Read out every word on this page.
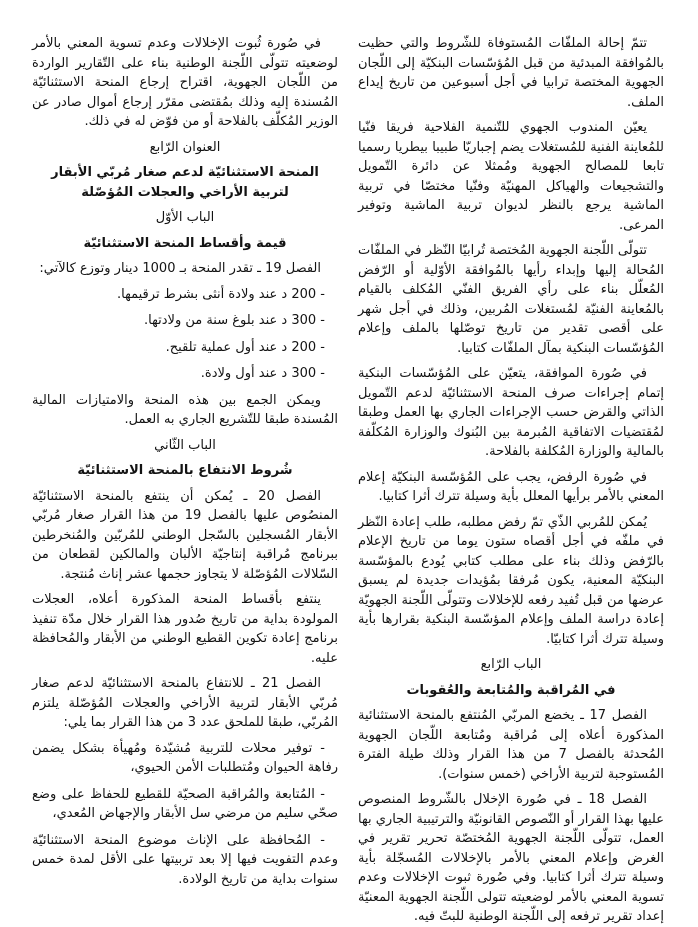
تتمّ إحالة الملفّات المُستوفاة للشّروط والتي حظيت بالمُوافقة المبدئية من قبل المُؤسّسات البنكيّة إلى اللّجان الجهوية المختصة ترابيا في أجل أسبوعين من تاريخ إيداع الملف.
يعيّن المندوب الجهوي للتّنمية الفلاحية فريقا فنّيا للمُعاينة الفنية للمُستغلات يضم إجباريّا طبيبا بيطريا رسميا تابعا للمصالح الجهوية ومُمثلا عن دائرة التّمويل والتشجيعات والهياكل المهنيّة وفنّيا مختصّا في تربية الماشية يرجع بالنظر لديوان تربية الماشية وتوفير المرعى.
تتولّى اللّجنة الجهوية المُختصة تُرابيّا النّظر في الملفّات المُحالة إليها وإبداء رأيها بالمُوافقة الأوّلية أو الرّفض المُعلّل بناء على رأي الفريق الفنّي المُكلف بالقيام بالمُعاينة الفنيّة لمُستغلات المُربين، وذلك في أجل شهر على أقصى تقدير من تاريخ توصّلها بالملف وإعلام المُؤسّسات البنكية بمآل الملفّات كتابيا.
في صُورة الموافقة، يتعيّن على المُؤسّسات البنكية إتمام إجراءات صرف المنحة الاستثنائيّة لدعم التّمويل الذاتي والقرض حسب الإجراءات الجاري بها العمل وطبقا لمُقتضيات الاتفاقية المُبرمة بين البُنوك والوزارة المُكلّفة بالمالية والوزارة المُكلفة بالفلاحة.
في صُورة الرفض، يجب على المُؤسّسة البنكيّة إعلام المعني بالأمر برأيها المعلل بأية وسيلة تترك أثرا كتابيا.
يُمكن للمُربي الذّي تمّ رفض مطلبه، طلب إعادة النّظر في ملفّه في أجل أقصاه ستون يوما من تاريخ الإعلام بالرّفض وذلك بناء على مطلب كتابي يُودع بالمؤسّسة البنكيّة المعنية، يكون مُرفقا بمُؤيدات جديدة لم يسبق عرضها من قبل تُفيد رفعه للإخلالات وتتولّى اللّجنة الجهويّة إعادة دراسة الملف وإعلام المؤسّسة البنكية بقرارها بأية وسيلة تترك أثرا كتابيّا.
الباب الرّابع
في المُراقبة والمُتابعة والعُقوبات
الفصل 17 ـ يخضع المربّي المُنتفع بالمنحة الاستثنائية المذكورة أعلاه إلى مُراقبة ومُتابعة اللّجان الجهوية المُحدثة بالفصل 7 من هذا القرار وذلك طيلة الفترة المُستوجبة لتربية الأراخي (خمس سنوات).
الفصل 18 ـ في صُورة الإخلال بالشّروط المنصوص عليها بهذا القرار أو النّصوص القانونيّة والترتيبية الجاري بها العمل، تتولّى اللّجنة الجهوية المُختصّة تحرير تقرير في الغرض وإعلام المعني بالأمر بالإخلالات المُسجّلة بأية وسيلة تترك أثرا كتابيا. وفي صُورة ثبوت الإخلالات وعدم تسوية المعني بالأمر لوضعيته تتولى اللّجنة الجهوية المعنيّة إعداد تقرير ترفعه إلى اللّجنة الوطنية للبتّ فيه.
في صُورة ثُبوت الإخلالات وعدم تسوية المعني بالأمر لوضعيته تتولّى اللّجنة الوطنية بناء على التّقارير الواردة من اللّجان الجهوية، اقتراح إرجاع المنحة الاستثنائيّة المُسندة إليه وذلك بمُقتضى مقرّر إرجاع أموال صادر عن الوزير المُكلّف بالفلاحة أو من فوّض له في ذلك.
العنوان الرّابع
المنحة الاستثنائيّة لدعم صغار مُربّي الأبقار لتربية الأراخي والعجلات المُؤصّلة
الباب الأوّل
قيمة وأقساط المنحة الاستثنائيّة
الفصل 19 ـ تقدر المنحة بـ 1000 دينار وتوزع كالآتي:
- 200 د عند ولادة أنثى بشرط ترقيمها.
- 300 د عند بلوغ سنة من ولادتها.
- 200 د عند أول عملية تلقيح.
- 300 د عند أول ولادة.
ويمكن الجمع بين هذه المنحة والامتيازات المالية المُسندة طبقا للتّشريع الجاري به العمل.
الباب الثّاني
شُروط الانتفاع بالمنحة الاستثنائيّة
الفصل 20 ـ يُمكن أن ينتفع بالمنحة الاستثنائيّة المنصُوص عليها بالفصل 19 من هذا القرار صغار مُربّي الأبقار المُسجلين بالسّجل الوطني للمُربّين والمُنخرطين ببرنامج مُراقبة إنتاجيّة الألبان والمالكين لقطعان من السّلالات المُؤصّلة لا يتجاوز حجمها عشر إناث مُنتجة.
ينتفع بأقساط المنحة المذكورة أعلاه، العجلات المولودة بداية من تاريخ صُدور هذا القرار خلال مدّة تنفيذ برنامج إعادة تكوين القطيع الوطني من الأبقار والمُحافظة عليه.
الفصل 21 ـ للانتفاع بالمنحة الاستثنائيّة لدعم صغار مُربّي الأبقار لتربية الأراخي والعجلات المُؤصّلة يلتزم المُربّي، طبقا للملحق عدد 3 من هذا القرار بما يلي:
- توفير محلات للتربية مُشيّدة ومُهيأة بشكل يضمن رفاهة الحيوان ومُتطلبات الأمن الحيوي،
- المُتابعة والمُراقبة الصحيّة للقطيع للحفاظ على وضع صحّي سليم من مرضي سل الأبقار والإجهاض المُعدي،
- المُحافظة على الإناث موضوع المنحة الاستثنائيّة وعدم التفويت فيها إلا بعد تربيتها على الأقل لمدة خمس سنوات بداية من تاريخ الولادة.
